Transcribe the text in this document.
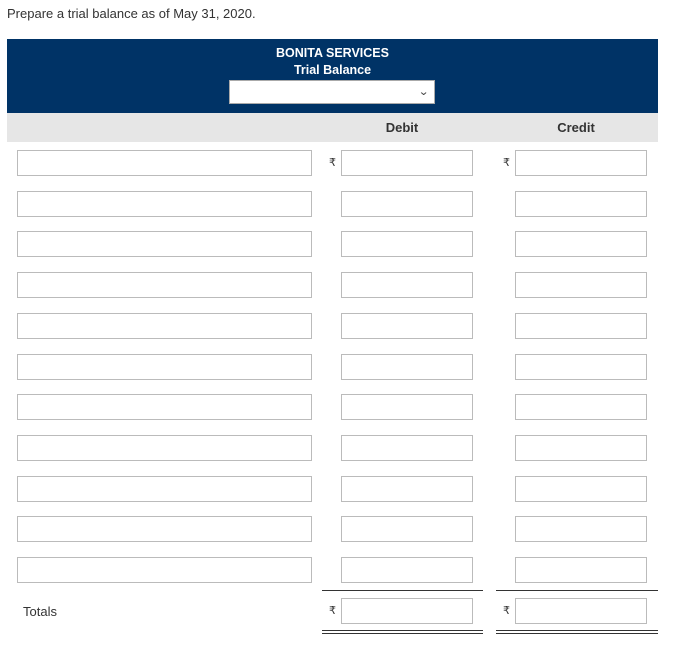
Prepare a trial balance as of May 31, 2020.
BONITA SERVICES
Trial Balance
⌄
Debit	Credit
₹	₹
Totals	₹	₹
